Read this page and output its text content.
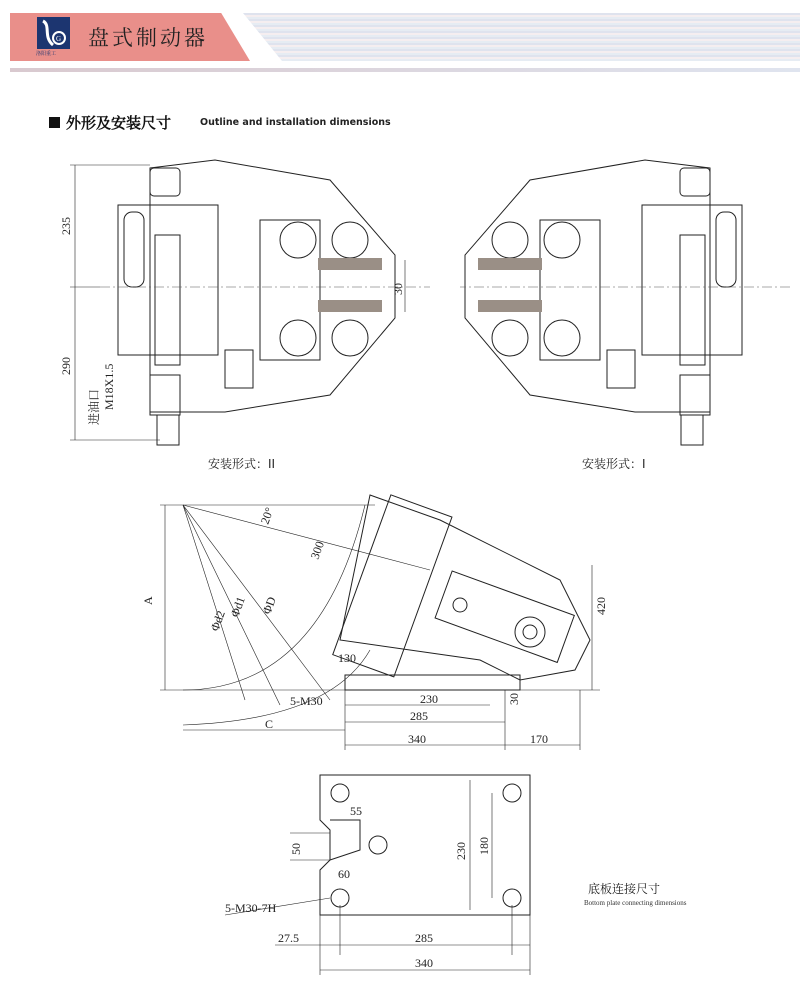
G
洛阳重工
盘式制动器
外形及安装尺寸	Outline and installation dimensions
235
290
进油口 M18X1.5
30
20°
300
A	ΦD
Φd1
Φd2
130
5-M30
C
230
285
340	170
30
420
55
50
60
230 180
5-M30-7H
27.5	285
340
安装形式：II	安装形式：I
底板连接尺寸
Bottom plate connecting dimensions
